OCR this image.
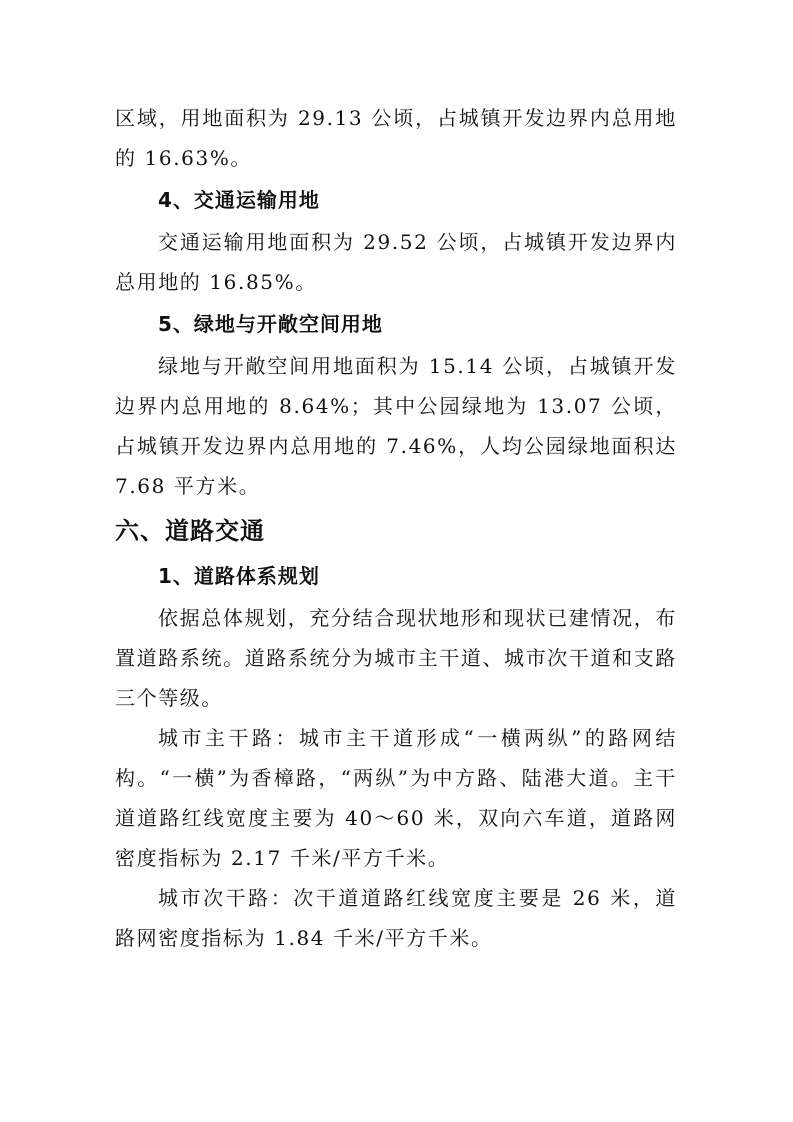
区域，用地面积为 29.13 公顷，占城镇开发边界内总用地的 16.63%。

4、交通运输用地

交通运输用地面积为 29.52 公顷，占城镇开发边界内总用地的 16.85%。

5、绿地与开敞空间用地

绿地与开敞空间用地面积为 15.14 公顷，占城镇开发边界内总用地的 8.64%；其中公园绿地为 13.07 公顷，占城镇开发边界内总用地的 7.46%，人均公园绿地面积达 7.68 平方米。

六、道路交通
1、道路体系规划

依据总体规划，充分结合现状地形和现状已建情况，布置道路系统。道路系统分为城市主干道、城市次干道和支路三个等级。

城市主干路：城市主干道形成“一横两纵”的路网结构。“一横”为香樟路，“两纵”为中方路、陆港大道。主干道道路红线宽度主要为 40～60 米，双向六车道，道路网密度指标为 2.17 千米/平方千米。

城市次干路：次干道道路红线宽度主要是 26 米，道路网密度指标为 1.84 千米/平方千米。
